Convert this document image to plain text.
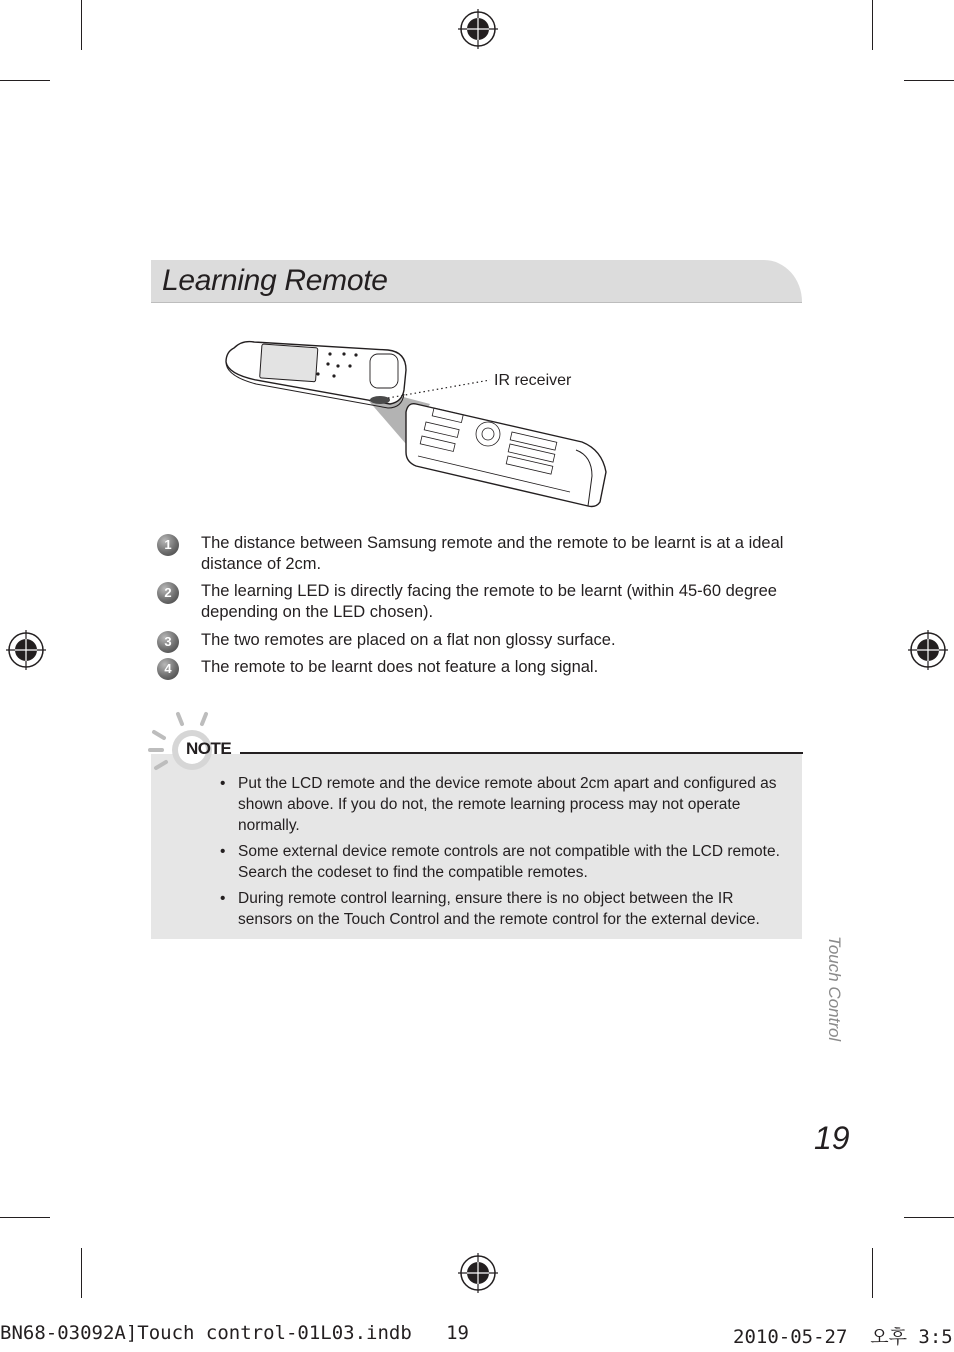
Learning Remote
IR receiver
1	The distance between Samsung remote and the remote to be learnt is at a ideal distance of 2cm.
2	The learning LED is directly facing the remote to be learnt (within 45-60 degree depending on the LED chosen).
3	The two remotes are placed on a flat non glossy surface.
4	The remote to be learnt does not feature a long signal.
NOTE
• Put the LCD remote and the device remote about 2cm apart and configured as shown above. If you do not, the remote learning process may not operate normally.
• Some external device remote controls are not compatible with the LCD remote. Search the codeset to find the compatible remotes.
• During remote control learning, ensure there is no object between the IR sensors on the Touch Control and the remote control for the external device.
Touch Control
19
BN68-03092A]Touch control-01L03.indb   19	2010-05-27  오후 3:5
